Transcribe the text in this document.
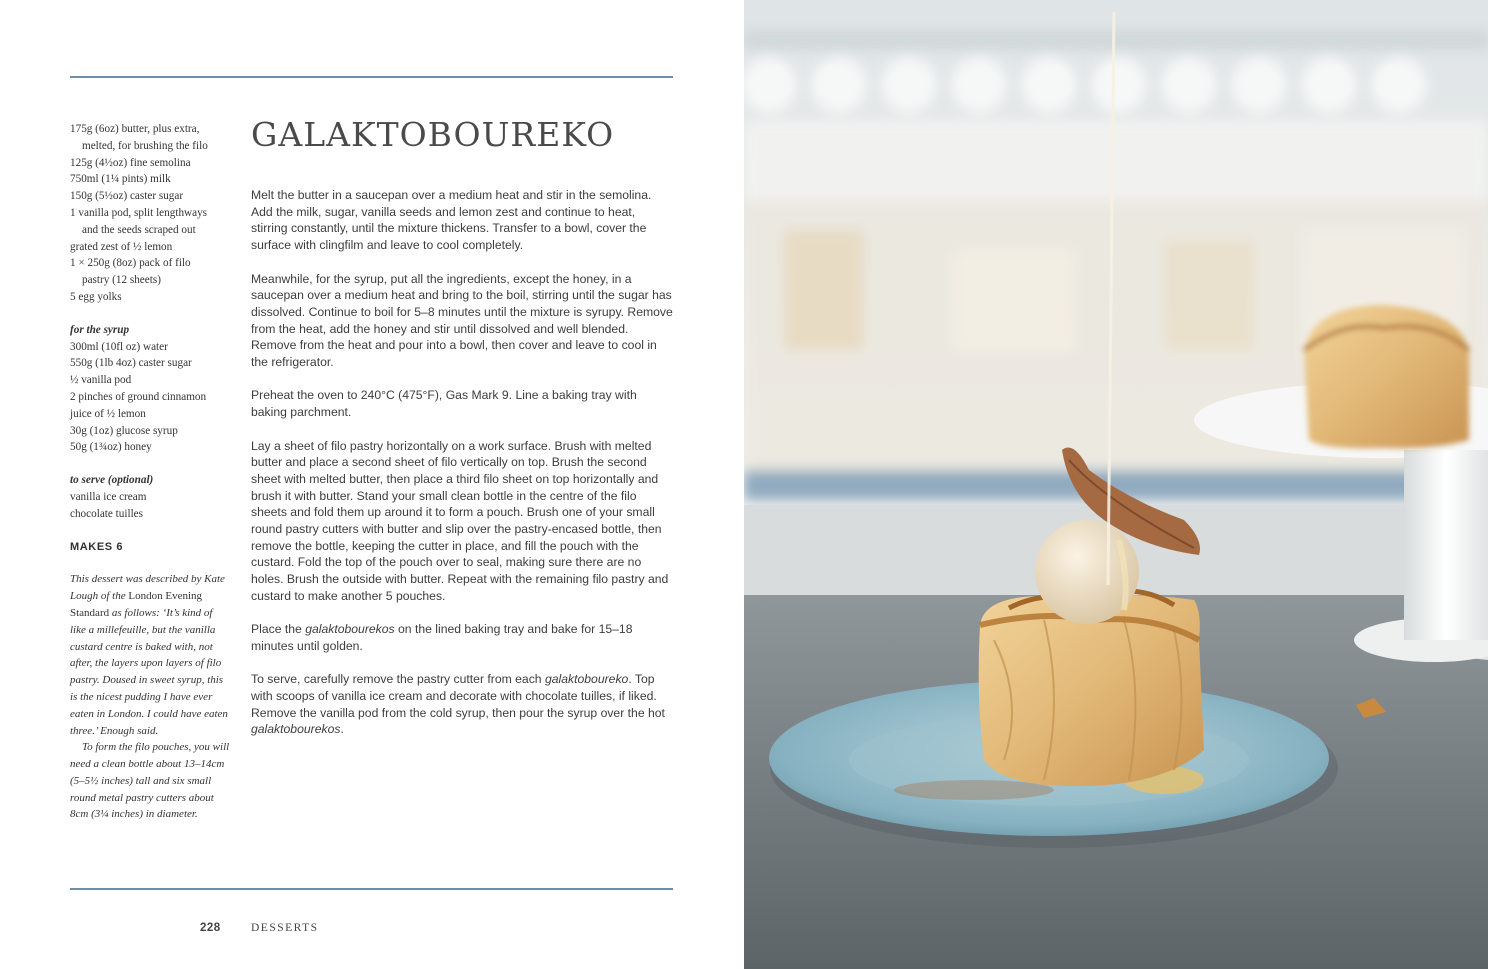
175g (6oz) butter, plus extra,
melted, for brushing the filo
125g (4½oz) fine semolina
750ml (1¼ pints) milk
150g (5½oz) caster sugar
1 vanilla pod, split lengthways
and the seeds scraped out
grated zest of ½ lemon
1 × 250g (8oz) pack of filo
pastry (12 sheets)
5 egg yolks
for the syrup
300ml (10fl oz) water
550g (1lb 4oz) caster sugar
½ vanilla pod
2 pinches of ground cinnamon
juice of ½ lemon
30g (1oz) glucose syrup
50g (1¾oz) honey
to serve (optional)
vanilla ice cream
chocolate tuilles
MAKES 6

This dessert was described by Kate Lough of the London Evening Standard as follows: ‘It’s kind of like a millefeuille, but the vanilla custard centre is baked with, not after, the layers upon layers of filo pastry. Doused in sweet syrup, this is the nicest pudding I have ever eaten in London. I could have eaten three.’ Enough said.

To form the filo pouches, you will need a clean bottle about 13–14cm (5–5½ inches) tall and six small round metal pastry cutters about 8cm (3¼ inches) in diameter.

GALAKTOBOUREKO

Melt the butter in a saucepan over a medium heat and stir in the semolina. Add the milk, sugar, vanilla seeds and lemon zest and continue to heat, stirring constantly, until the mixture thickens. Transfer to a bowl, cover the surface with clingfilm and leave to cool completely.

Meanwhile, for the syrup, put all the ingredients, except the honey, in a saucepan over a medium heat and bring to the boil, stirring until the sugar has dissolved. Continue to boil for 5–8 minutes until the mixture is syrupy. Remove from the heat, add the honey and stir until dissolved and well blended. Remove from the heat and pour into a bowl, then cover and leave to cool in the refrigerator.

Preheat the oven to 240°C (475°F), Gas Mark 9. Line a baking tray with baking parchment.

Lay a sheet of filo pastry horizontally on a work surface. Brush with melted butter and place a second sheet of filo vertically on top. Brush the second sheet with melted butter, then place a third filo sheet on top horizontally and brush it with butter. Stand your small clean bottle in the centre of the filo sheets and fold them up around it to form a pouch. Brush one of your small round pastry cutters with butter and slip over the pastry-encased bottle, then remove the bottle, keeping the cutter in place, and fill the pouch with the custard. Fold the top of the pouch over to seal, making sure there are no holes. Brush the outside with butter. Repeat with the remaining filo pastry and custard to make another 5 pouches.

Place the galaktobourekos on the lined baking tray and bake for 15–18 minutes until golden.

To serve, carefully remove the pastry cutter from each galaktoboureko. Top with scoops of vanilla ice cream and decorate with chocolate tuilles, if liked. Remove the vanilla pod from the cold syrup, then pour the syrup over the hot galaktobourekos.

228	DESSERTS
